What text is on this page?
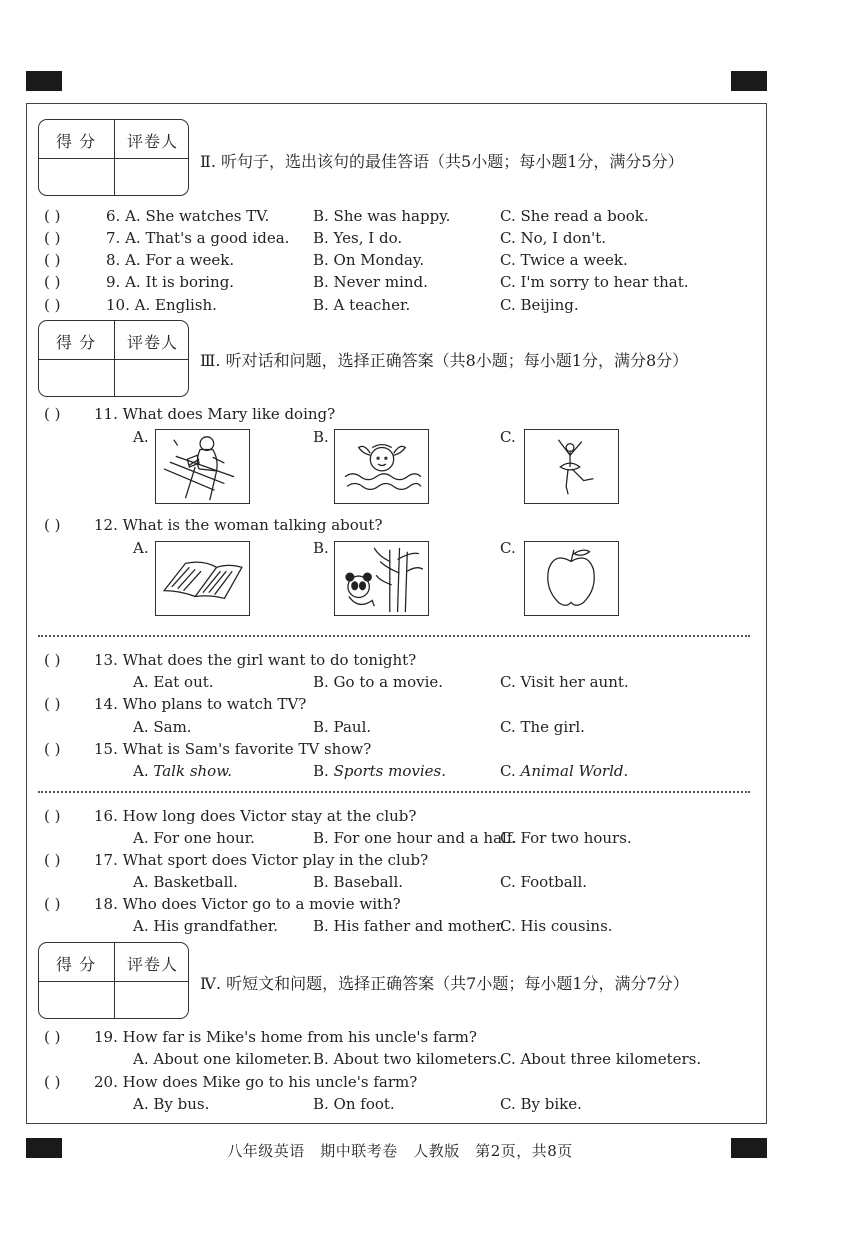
得 分 评卷人
Ⅱ. 听句子，选出该句的最佳答语（共5小题；每小题1分，满分5分）
( )	6. A. She watches TV.	B. She was happy.	C. She read a book.
( )	7. A. That's a good idea. B. Yes, I do.	C. No, I don't.
( )	8. A. For a week.	B. On Monday.	C. Twice a week.
( )	9. A. It is boring.	B. Never mind.	C. I'm sorry to hear that.
( )	10. A. English.	B. A teacher.	C. Beijing.
得 分 评卷人
Ⅲ. 听对话和问题，选择正确答案（共8小题；每小题1分，满分8分）
( ) 11. What does Mary like doing?
A.	B.	C.
( ) 12. What is the woman talking about?
A.	B.	C.
( ) 13. What does the girl want to do tonight?
A. Eat out.	B. Go to a movie.	C. Visit her aunt.
( ) 14. Who plans to watch TV?
A. Sam.	B. Paul.	C. The girl.
( ) 15. What is Sam's favorite TV show?
A. Talk show.	B. Sports movies.	C. Animal World.
( ) 16. How long does Victor stay at the club?
A. For one hour.	B. For one hour and a half.
C. For two hours.
( ) 17. What sport does Victor play in the club?
A. Basketball.	B. Baseball.	C. Football.
( ) 18. Who does Victor go to a movie with?
A. His grandfather. B. His father and mother.
C. His cousins.
得 分 评卷人
Ⅳ. 听短文和问题，选择正确答案（共7小题；每小题1分，满分7分）
( ) 19. How far is Mike's home from his uncle's farm?
A. About one kilometer. B. About two kilometers.
C. About three kilometers.
( ) 20. How does Mike go to his uncle's farm?
A. By bus.	B. On foot.	C. By bike.
八年级英语　期中联考卷　人教版　第2页，共8页
